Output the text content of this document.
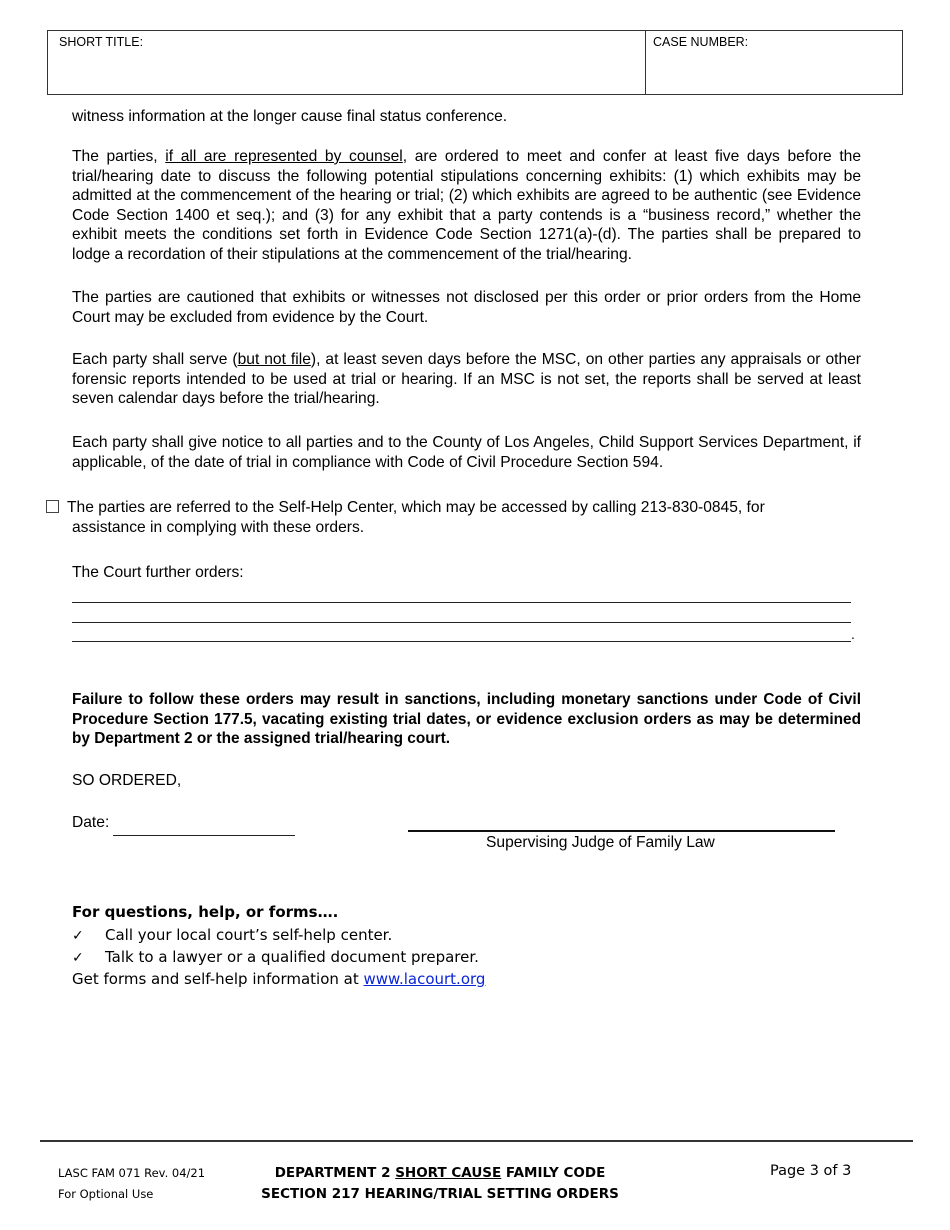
SHORT TITLE:	CASE NUMBER:
witness information at the longer cause final status conference.
The parties, if all are represented by counsel, are ordered to meet and confer at least five days before the trial/hearing date to discuss the following potential stipulations concerning exhibits: (1) which exhibits may be admitted at the commencement of the hearing or trial; (2) which exhibits are agreed to be authentic (see Evidence Code Section 1400 et seq.); and (3) for any exhibit that a party contends is a “business record,” whether the exhibit meets the conditions set forth in Evidence Code Section 1271(a)-(d). The parties shall be prepared to lodge a recordation of their stipulations at the commencement of the trial/hearing.
The parties are cautioned that exhibits or witnesses not disclosed per this order or prior orders from the Home Court may be excluded from evidence by the Court.
Each party shall serve (but not file), at least seven days before the MSC, on other parties any appraisals or other forensic reports intended to be used at trial or hearing. If an MSC is not set, the reports shall be served at least seven calendar days before the trial/hearing.
Each party shall give notice to all parties and to the County of Los Angeles, Child Support Services Department, if applicable, of the date of trial in compliance with Code of Civil Procedure Section 594.
The parties are referred to the Self-Help Center, which may be accessed by calling 213-830-0845, for
assistance in complying with these orders.
The Court further orders:
.
Failure to follow these orders may result in sanctions, including monetary sanctions under Code of Civil Procedure Section 177.5, vacating existing trial dates, or evidence exclusion orders as may be determined by Department 2 or the assigned trial/hearing court.
SO ORDERED,
Date:
Supervising Judge of Family Law
For questions, help, or forms….
✓ Call your local court’s self-help center.
✓ Talk to a lawyer or a qualified document preparer.
Get forms and self-help information at www.lacourt.org
LASC FAM 071 Rev. 04/21
For Optional Use
DEPARTMENT 2 SHORT CAUSE FAMILY CODE
SECTION 217 HEARING/TRIAL SETTING ORDERS
Page 3 of 3
